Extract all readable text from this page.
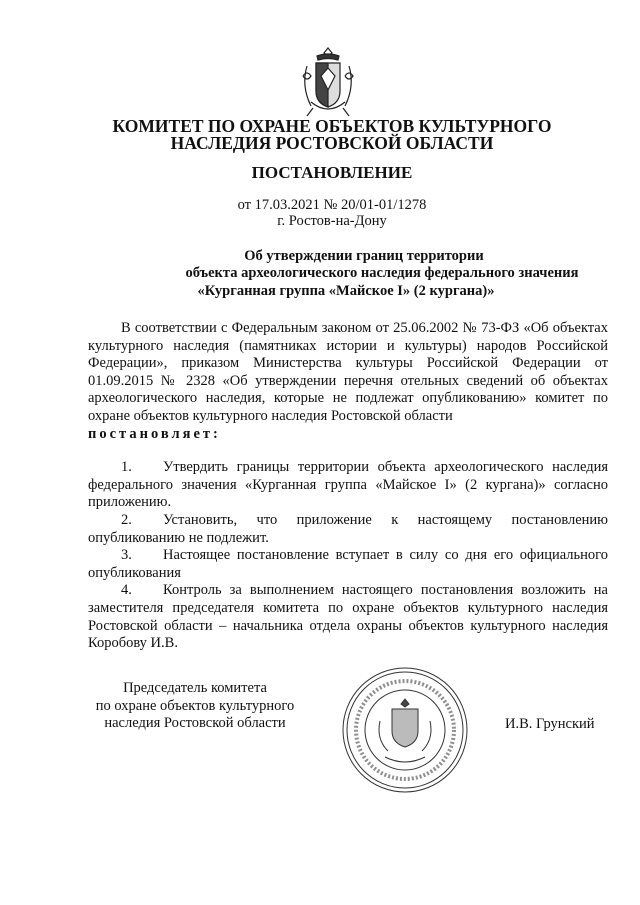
КОМИТЕТ ПО ОХРАНЕ ОБЪЕКТОВ КУЛЬТУРНОГО
НАСЛЕДИЯ РОСТОВСКОЙ ОБЛАСТИ
ПОСТАНОВЛЕНИЕ
от 17.03.2021 № 20/01-01/1278
г. Ростов-на-Дону
Об утверждении границ территории
объекта археологического наследия федерального значения
«Курганная группа «Майское I» (2 кургана)»

В соответствии с Федеральным законом от 25.06.2002 № 73-ФЗ «Об объектах культурного наследия (памятниках истории и культуры) народов Российской Федерации», приказом Министерства культуры Российской Федерации от 01.09.2015 № 2328 «Об утверждении перечня отельных сведений об объектах археологического наследия, которые не подлежат опубликованию» комитет по охране объектов культурного наследия Ростовской области
постановляет:

1. Утвердить границы территории объекта археологического наследия федерального значения «Курганная группа «Майское I» (2 кургана)» согласно приложению.

2. Установить, что приложение к настоящему постановлению опубликованию не подлежит.

3. Настоящее постановление вступает в силу со дня его официального опубликования

4. Контроль за выполнением настоящего постановления возложить на заместителя председателя комитета по охране объектов культурного наследия Ростовской области – начальника отдела охраны объектов культурного наследия Коробову И.В.

Председатель комитета
по охране объектов культурного
наследия Ростовской области	И.В. Грунский
